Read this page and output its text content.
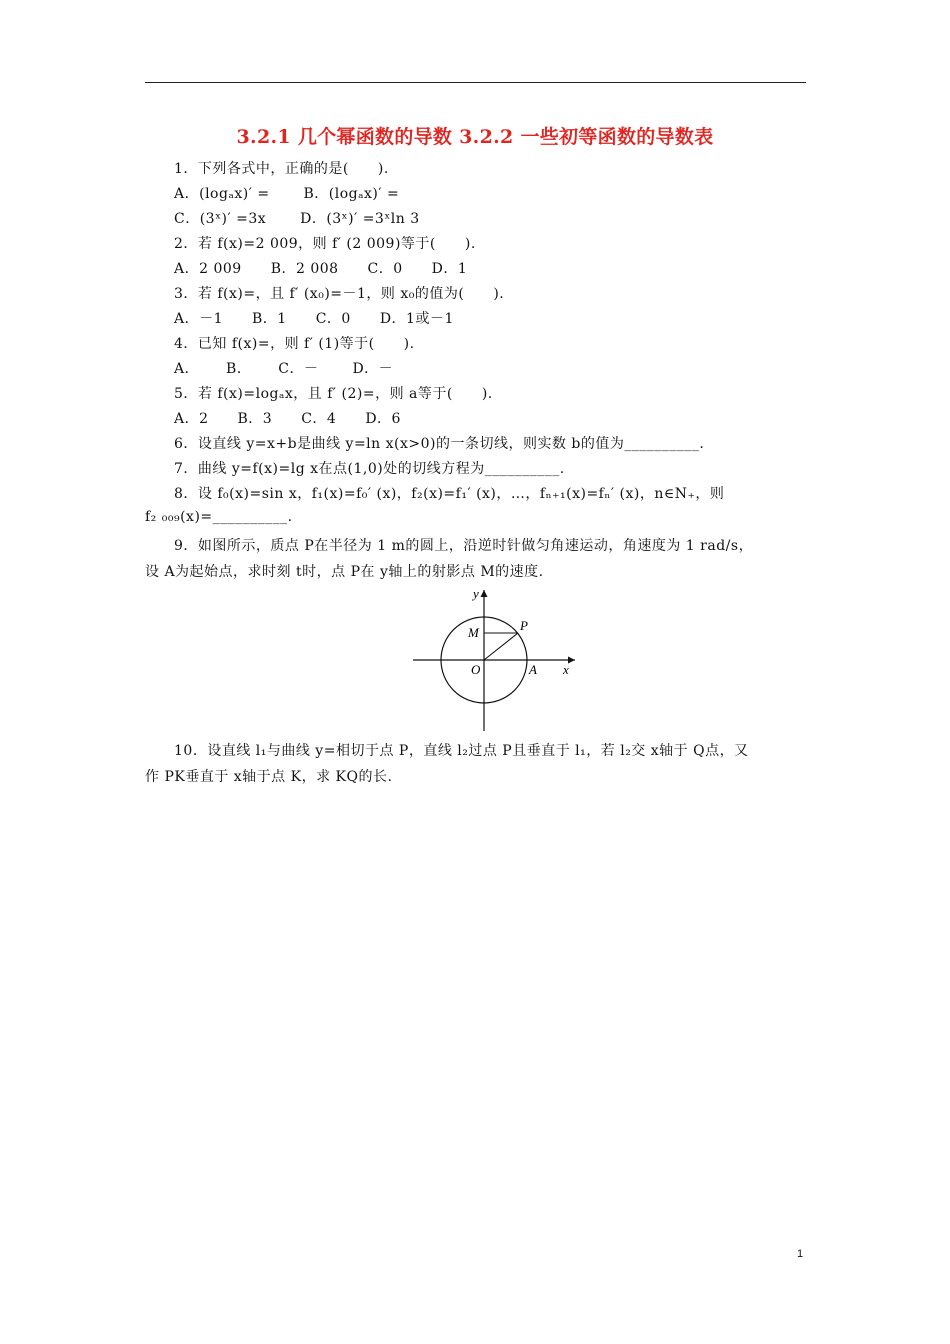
3.2.1 几个幂函数的导数 3.2.2 一些初等函数的导数表
1．下列各式中，正确的是(　　).
A．(logₐx)′ =　　 B．(logₐx)′ =
C．(3ˣ)′ =3x　　 D．(3ˣ)′ =3ˣln 3
2．若 f(x)=2 009，则 f′ (2 009)等于(　　).
A．2 009　　B．2 008　　C．0　　D．1
3．若 f(x)=，且 f′ (x₀)=－1，则 x₀的值为(　　).
A．－1　　B．1　　C．0　　D．1或－1
4．已知 f(x)=，则 f′ (1)等于(　　).
A．　　 B．　　 C．－　　 D．－
5．若 f(x)=logₐx，且 f′ (2)=，则 a等于(　　).
A．2　　B．3　　C．4　　D．6
6．设直线 y=x+b是曲线 y=ln x(x>0)的一条切线，则实数 b的值为__________.
7．曲线 y=f(x)=lg x在点(1,0)处的切线方程为__________.
8．设 f₀(x)=sin x，f₁(x)=f₀′ (x)，f₂(x)=f₁′ (x)，…，fₙ₊₁(x)=fₙ′ (x)，n∈N₊，则
f₂ ₀₀₉(x)=__________.
9．如图所示，质点 P在半径为 1 m的圆上，沿逆时针做匀角速运动，角速度为 1 rad/s，
设 A为起始点，求时刻 t时，点 P在 y轴上的射影点 M的速度.
y
x
M	P
O	A
10．设直线 l₁与曲线 y=相切于点 P，直线 l₂过点 P且垂直于 l₁，若 l₂交 x轴于 Q点，又
作 PK垂直于 x轴于点 K，求 KQ的长.
1
